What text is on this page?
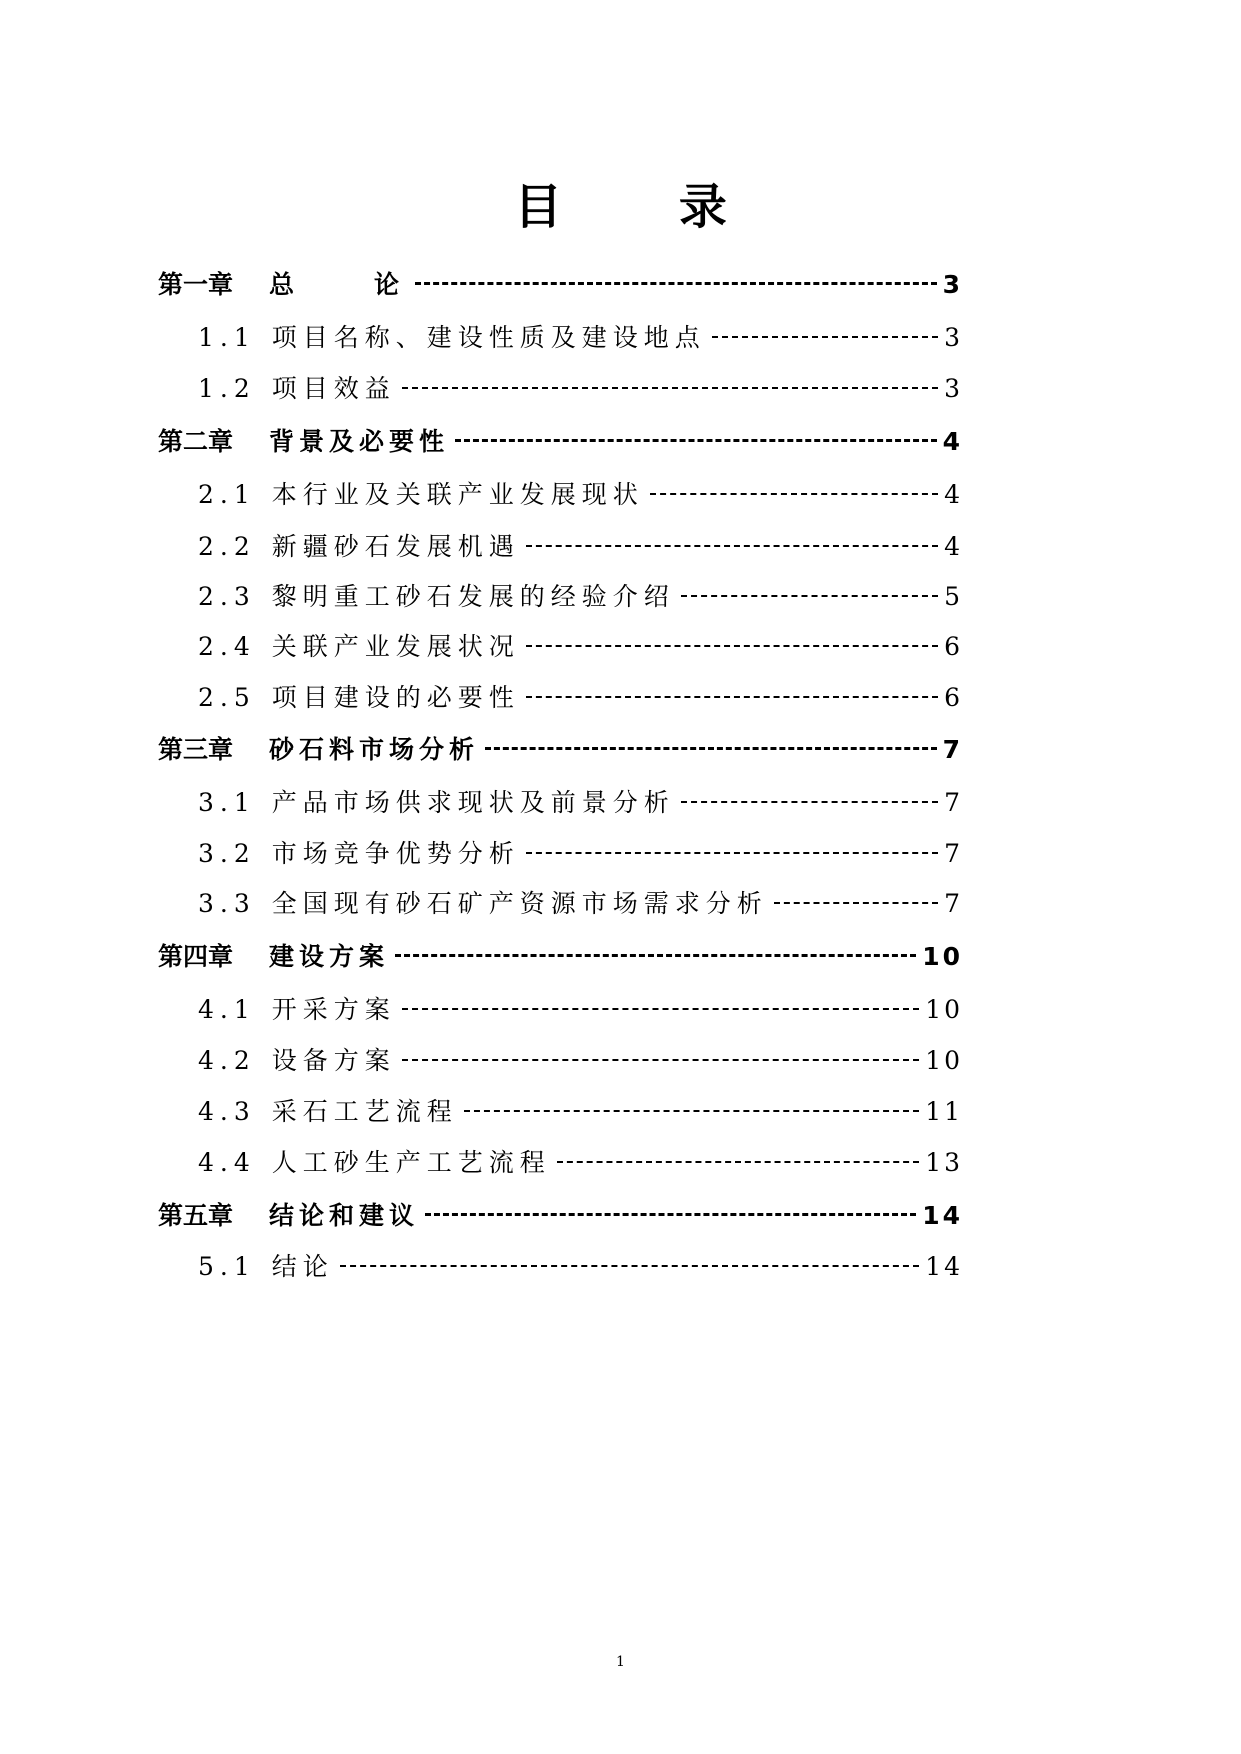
目 录
第一章 总　　论	3
1.1 项目名称、建设性质及建设地点	3
1.2 项目效益	3
第二章 背景及必要性	4
2.1 本行业及关联产业发展现状	4
2.2 新疆砂石发展机遇	4
2.3 黎明重工砂石发展的经验介绍	5
2.4 关联产业发展状况	6
2.5 项目建设的必要性	6
第三章 砂石料市场分析	7
3.1 产品市场供求现状及前景分析	7
3.2 市场竞争优势分析	7
3.3 全国现有砂石矿产资源市场需求分析	7
第四章 建设方案	10
4.1 开采方案	10
4.2 设备方案	10
4.3 采石工艺流程	11
4.4 人工砂生产工艺流程	13
第五章 结论和建议	14
5.1 结论	14
1
